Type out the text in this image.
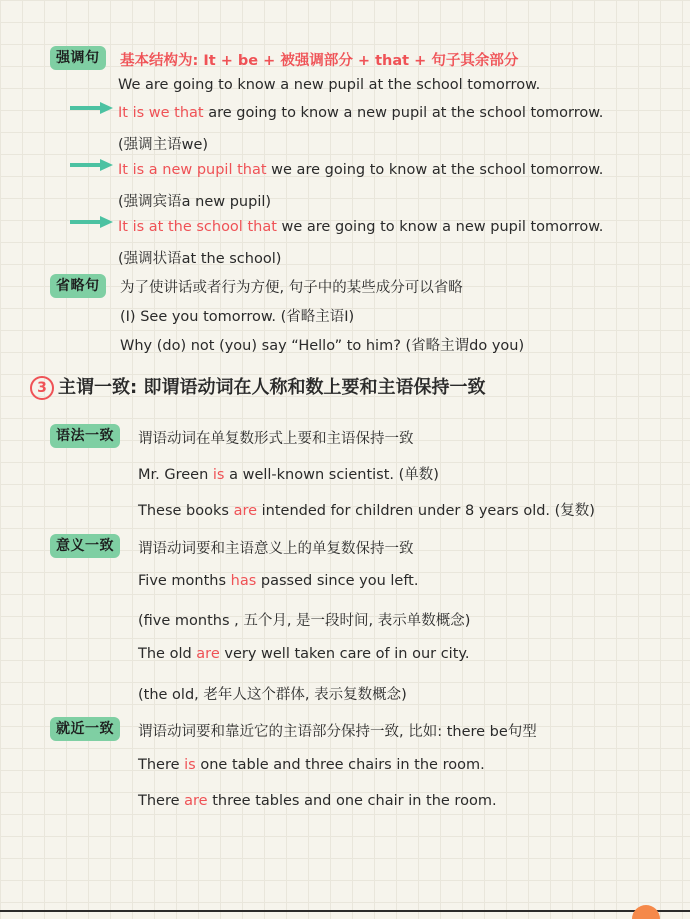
强调句	基本结构为: It + be + 被强调部分 + that + 句子其余部分
We are going to know a new pupil at the school tomorrow.
It is we that are going to know a new pupil at the school tomorrow.
(强调主语we)
It is a new pupil that we are going to know at the school tomorrow.
(强调宾语a new pupil)
It is at the school that we are going to know a new pupil tomorrow.
(强调状语at the school)
省略句	为了使讲话或者行为方便, 句子中的某些成分可以省略
(I) See you tomorrow. (省略主语I)
Why (do) not (you) say “Hello” to him? (省略主谓do you)
3 主谓一致: 即谓语动词在人称和数上要和主语保持一致
语法一致	谓语动词在单复数形式上要和主语保持一致
Mr. Green is a well-known scientist. (单数)
These books are intended for children under 8 years old. (复数)
意义一致	谓语动词要和主语意义上的单复数保持一致
Five months has passed since you left.
(five months , 五个月, 是一段时间, 表示单数概念)
The old are very well taken care of in our city.
(the old, 老年人这个群体, 表示复数概念)
就近一致	谓语动词要和靠近它的主语部分保持一致, 比如: there be句型
There is one table and three chairs in the room.
There are three tables and one chair in the room.
